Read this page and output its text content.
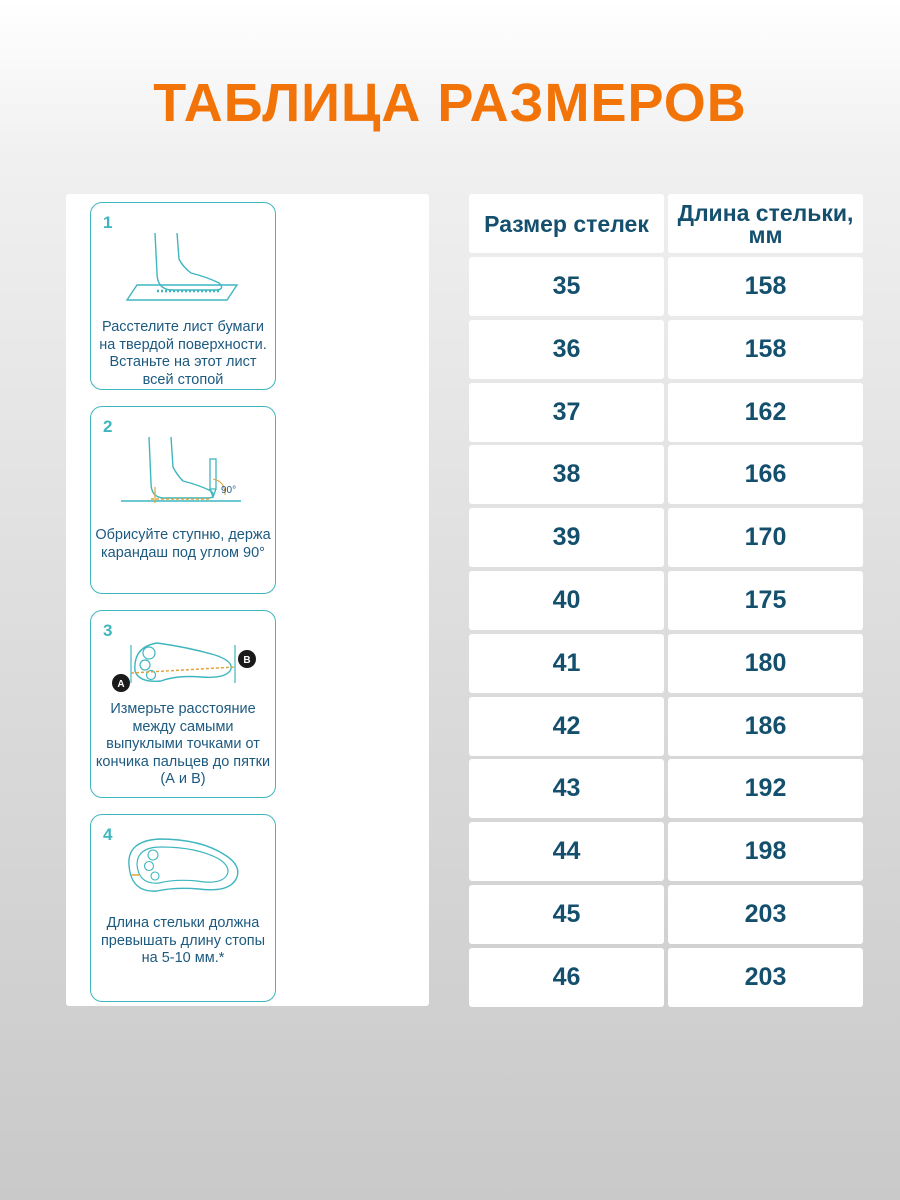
ТАБЛИЦА РАЗМЕРОВ
1
Расстелите лист бумаги на твердой поверхности. Встаньте на этот лист всей стопой
2
90°
Обрисуйте ступню, держа карандаш под углом 90°
3
A
B
Измерьте расстояние между самыми выпуклыми точками от кончика пальцев до пятки (А и В)
4
Длина стельки должна превышать длину стопы на 5-10 мм.*
Размер стелек	Длина стельки, мм
35	158
36	158
37	162
38	166
39	170
40	175
41	180
42	186
43	192
44	198
45	203
46	203
